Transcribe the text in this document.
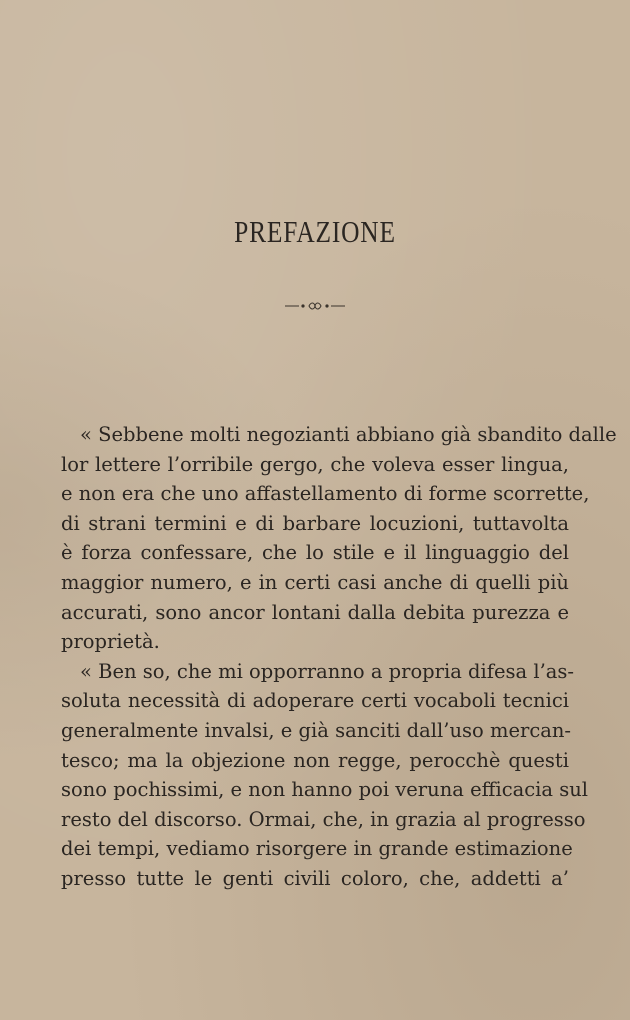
PREFAZIONE
« Sebbene molti negozianti abbiano già sbandito dalle
lor lettere l’orribile gergo, che voleva esser lingua,
e non era che uno affastellamento di forme scorrette,
di strani termini e di barbare locuzioni, tuttavolta
è forza confessare, che lo stile e il linguaggio del
maggior numero, e in certi casi anche di quelli più
accurati, sono ancor lontani dalla debita purezza e
proprietà.
« Ben so, che mi opporranno a propria difesa l’as-
soluta necessità di adoperare certi vocaboli tecnici
generalmente invalsi, e già sanciti dall’uso mercan-
tesco; ma la objezione non regge, perocchè questi
sono pochissimi, e non hanno poi veruna efficacia sul
resto del discorso. Ormai, che, in grazia al progresso
dei tempi, vediamo risorgere in grande estimazione
presso tutte le genti civili coloro, che, addetti a’
